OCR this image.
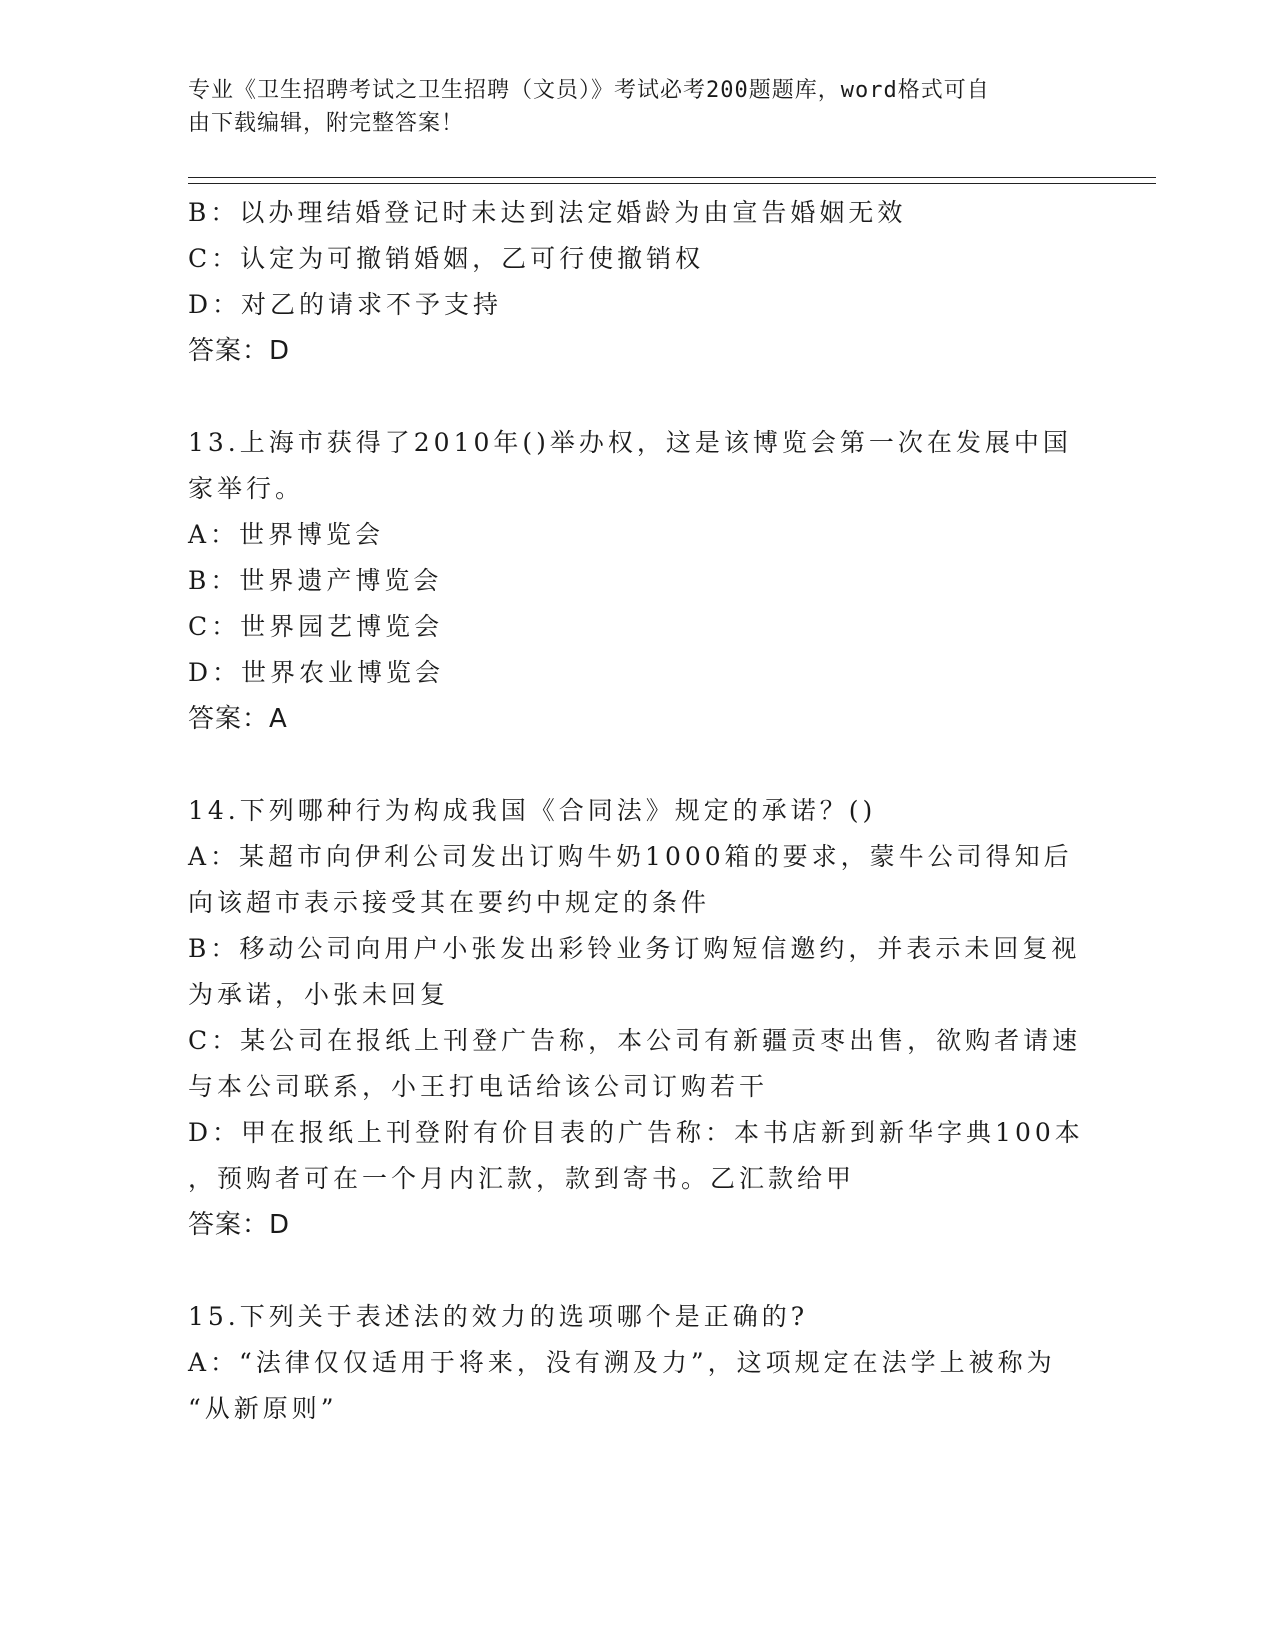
专业《卫生招聘考试之卫生招聘（文员）》考试必考200题题库，word格式可自
由下载编辑，附完整答案！
B：以办理结婚登记时未达到法定婚龄为由宣告婚姻无效
C：认定为可撤销婚姻，乙可行使撤销权
D：对乙的请求不予支持
答案：D
13.上海市获得了2010年()举办权，这是该博览会第一次在发展中国
家举行。
A：世界博览会
B：世界遗产博览会
C：世界园艺博览会
D：世界农业博览会
答案：A
14.下列哪种行为构成我国《合同法》规定的承诺？()
A：某超市向伊利公司发出订购牛奶1000箱的要求，蒙牛公司得知后
向该超市表示接受其在要约中规定的条件
B：移动公司向用户小张发出彩铃业务订购短信邀约，并表示未回复视
为承诺，小张未回复
C：某公司在报纸上刊登广告称，本公司有新疆贡枣出售，欲购者请速
与本公司联系，小王打电话给该公司订购若干
D：甲在报纸上刊登附有价目表的广告称：本书店新到新华字典100本
，预购者可在一个月内汇款，款到寄书。乙汇款给甲
答案：D
15.下列关于表述法的效力的选项哪个是正确的?
A：“法律仅仅适用于将来，没有溯及力”，这项规定在法学上被称为
“从新原则”
